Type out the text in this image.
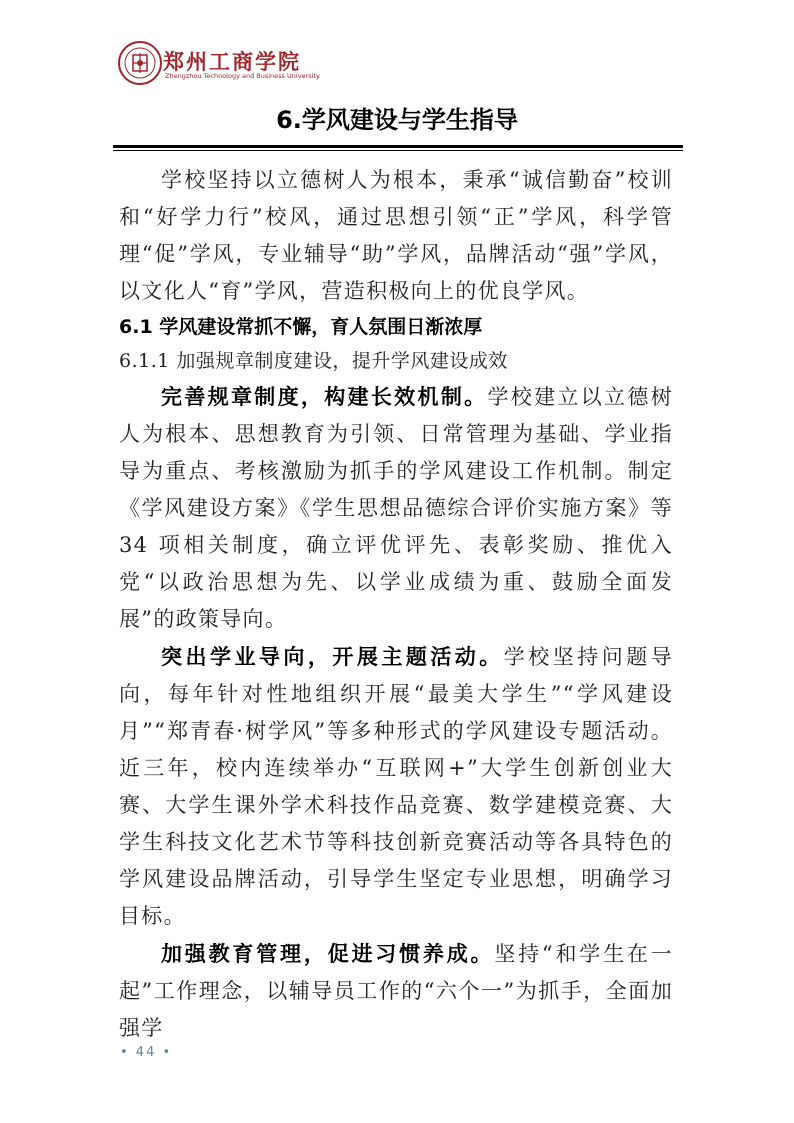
郑州工商学院
Zhengzhou Technology and Business University
6.学风建设与学生指导

学校坚持以立德树人为根本，秉承“诚信勤奋”校训和“好学力行”校风，通过思想引领“正”学风，科学管理“促”学风，专业辅导“助”学风，品牌活动“强”学风，以文化人“育”学风，营造积极向上的优良学风。

6.1 学风建设常抓不懈，育人氛围日渐浓厚

6.1.1 加强规章制度建设，提升学风建设成效

完善规章制度，构建长效机制。学校建立以立德树人为根本、思想教育为引领、日常管理为基础、学业指导为重点、考核激励为抓手的学风建设工作机制。制定《学风建设方案》《学生思想品德综合评价实施方案》等 34 项相关制度，确立评优评先、表彰奖励、推优入党“以政治思想为先、以学业成绩为重、鼓励全面发展”的政策导向。

突出学业导向，开展主题活动。学校坚持问题导向，每年针对性地组织开展“最美大学生”“学风建设月”“郑青春·树学风”等多种形式的学风建设专题活动。近三年，校内连续举办“互联网+”大学生创新创业大赛、大学生课外学术科技作品竞赛、数学建模竞赛、大学生科技文化艺术节等科技创新竞赛活动等各具特色的学风建设品牌活动，引导学生坚定专业思想，明确学习目标。

加强教育管理，促进习惯养成。坚持“和学生在一起”工作理念，以辅导员工作的“六个一”为抓手，全面加强学

• 44 •
